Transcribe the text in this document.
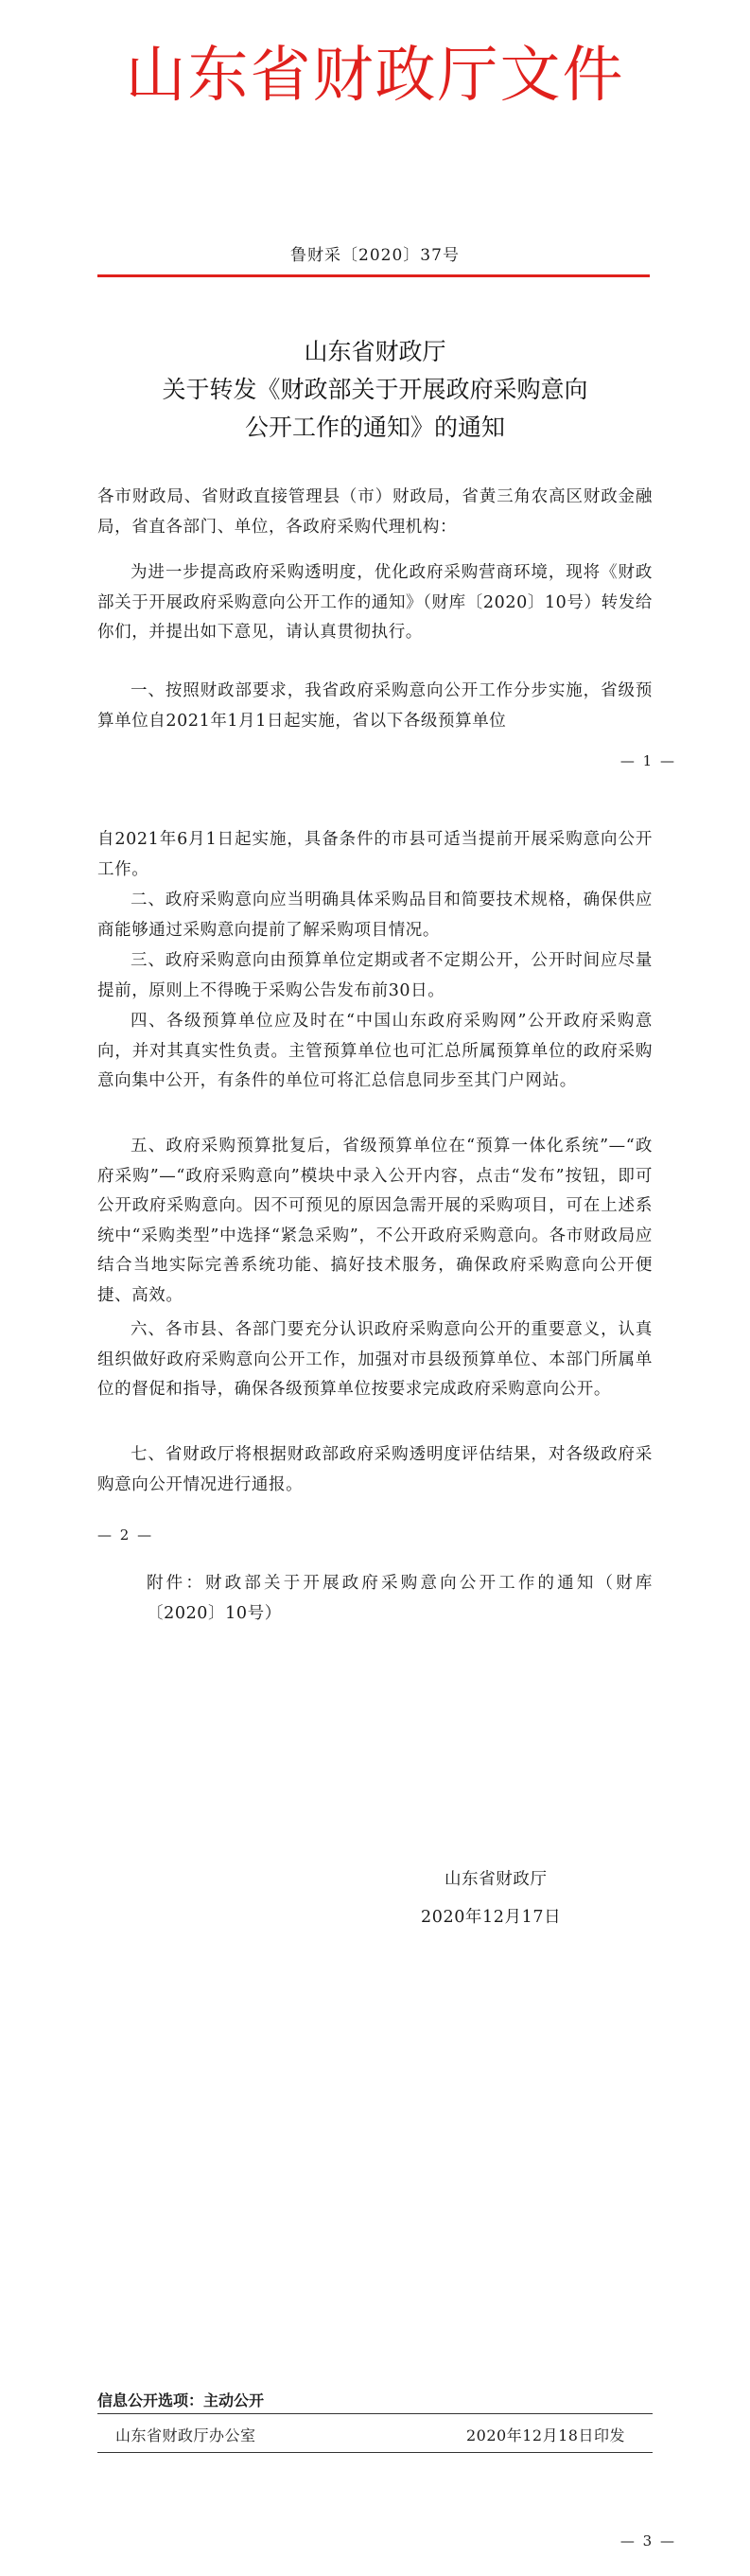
山东省财政厅文件
鲁财采〔2020〕37号
山东省财政厅
关于转发《财政部关于开展政府采购意向
公开工作的通知》的通知
各市财政局、省财政直接管理县（市）财政局，省黄三角农高区财政金融局，省直各部门、单位，各政府采购代理机构：
为进一步提高政府采购透明度，优化政府采购营商环境，现将《财政部关于开展政府采购意向公开工作的通知》（财库〔2020〕10号）转发给你们，并提出如下意见，请认真贯彻执行。
一、按照财政部要求，我省政府采购意向公开工作分步实施，省级预算单位自2021年1月1日起实施，省以下各级预算单位
— 1 —
自2021年6月1日起实施，具备条件的市县可适当提前开展采购意向公开工作。
二、政府采购意向应当明确具体采购品目和简要技术规格，确保供应商能够通过采购意向提前了解采购项目情况。
三、政府采购意向由预算单位定期或者不定期公开，公开时间应尽量提前，原则上不得晚于采购公告发布前30日。
四、各级预算单位应及时在“中国山东政府采购网”公开政府采购意向，并对其真实性负责。主管预算单位也可汇总所属预算单位的政府采购意向集中公开，有条件的单位可将汇总信息同步至其门户网站。
五、政府采购预算批复后，省级预算单位在“预算一体化系统”—“政府采购”—“政府采购意向”模块中录入公开内容，点击“发布”按钮，即可公开政府采购意向。因不可预见的原因急需开展的采购项目，可在上述系统中“采购类型”中选择“紧急采购”，不公开政府采购意向。各市财政局应结合当地实际完善系统功能、搞好技术服务，确保政府采购意向公开便捷、高效。
六、各市县、各部门要充分认识政府采购意向公开的重要意义，认真组织做好政府采购意向公开工作，加强对市县级预算单位、本部门所属单位的督促和指导，确保各级预算单位按要求完成政府采购意向公开。
七、省财政厅将根据财政部政府采购透明度评估结果，对各级政府采购意向公开情况进行通报。
— 2 —
附件：财政部关于开展政府采购意向公开工作的通知（财库〔2020〕10号）
山东省财政厅
2020年12月17日
信息公开选项：主动公开
山东省财政厅办公室	2020年12月18日印发
— 3 —
